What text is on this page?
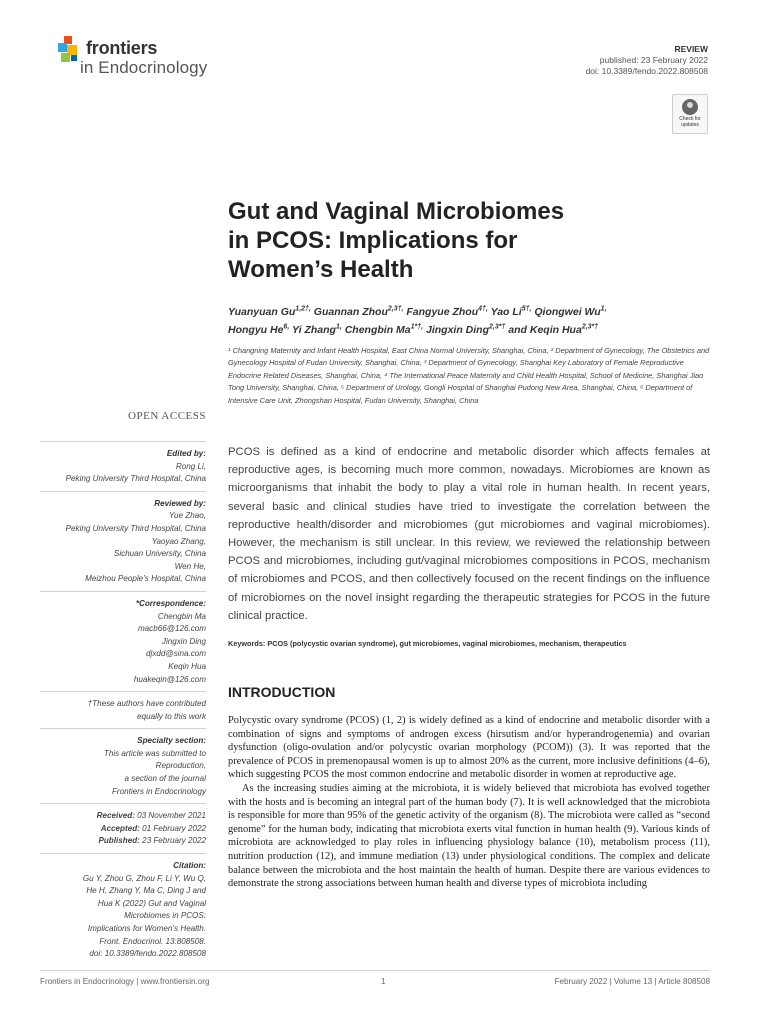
frontiers
in Endocrinology
REVIEW
published: 23 February 2022
doi: 10.3389/fendo.2022.808508
Check for updates
Gut and Vaginal Microbiomes
in PCOS: Implications for
Women’s Health
Yuanyuan $Gu^{1,2\dagger,}$ Guannan Zhou$^{2,3\dagger,}$ Fangyue Zhou$^{4\dagger,}$ Yao $Li^{5\dagger,}$ Qiongwei $Wu^{1,}$
Hongyu $He^{6,}$ Yi Zhang$^{1,}$ Chengbin $Ma^{1*\dagger,}$ Jingxin Ding$^{2,3*\dagger}$ and Keqin Hua$^{2,3*\dagger}$
¹ Changning Maternity and Infant Health Hospital, East China Normal University, Shanghai, China, ² Department of Gynecology, The Obstetrics and Gynecology Hospital of Fudan University, Shanghai, China, ³ Department of Gynecology, Shanghai Key Laboratory of Female Reproductive Endocrine Related Diseases, Shanghai, China, ⁴ The International Peace Maternity and Child Health Hospital, School of Medicine, Shanghai Jiao Tong University, Shanghai, China, ⁵ Department of Urology, Gongli Hospital of Shanghai Pudong New Area, Shanghai, China, ⁶ Department of Intensive Care Unit, Zhongshan Hospital, Fudan University, Shanghai, China
OPEN ACCESS
Edited by:
Rong Li,
Peking University Third Hospital, China
Reviewed by:
Yue Zhao,
Peking University Third Hospital, China
Yaoyao Zhang,
Sichuan University, China
Wen He,
Meizhou People’s Hospital, China
*Correspondence:
Chengbin Ma
macb66@126.com
Jingxin Ding
djxdd@sina.com
Keqin Hua
huakeqin@126.com
†These authors have contributed
equally to this work
Specialty section:
This article was submitted to
Reproduction,
a section of the journal
Frontiers in Endocrinology
Received: 03 November 2021
Accepted: 01 February 2022
Published: 23 February 2022
Citation:
Gu Y, Zhou G, Zhou F, Li Y, Wu Q,
He H, Zhang Y, Ma C, Ding J and
Hua K (2022) Gut and Vaginal
Microbiomes in PCOS:
Implications for Women’s Health.
Front. Endocrinol. 13:808508.
doi: 10.3389/fendo.2022.808508
PCOS is defined as a kind of endocrine and metabolic disorder which affects females at reproductive ages, is becoming much more common, nowadays. Microbiomes are known as microorganisms that inhabit the body to play a vital role in human health. In recent years, several basic and clinical studies have tried to investigate the correlation between the reproductive health/disorder and microbiomes (gut microbiomes and vaginal microbiomes). However, the mechanism is still unclear. In this review, we reviewed the relationship between PCOS and microbiomes, including gut/vaginal microbiomes compositions in PCOS, mechanism of microbiomes and PCOS, and then collectively focused on the recent findings on the influence of microbiomes on the novel insight regarding the therapeutic strategies for PCOS in the future clinical practice.
Keywords: PCOS (polycystic ovarian syndrome), gut microbiomes, vaginal microbiomes, mechanism, therapeutics
INTRODUCTION

Polycystic ovary syndrome (PCOS) (1, 2) is widely defined as a kind of endocrine and metabolic disorder with a combination of signs and symptoms of androgen excess (hirsutism and/or hyperandrogenemia) and ovarian dysfunction (oligo-ovulation and/or polycystic ovarian morphology (PCOM)) (3). It was reported that the prevalence of PCOS in premenopausal women is up to almost 20% as the current, more inclusive definitions (4–6), which suggesting PCOS the most common endocrine and metabolic disorder in women at reproductive age.

As the increasing studies aiming at the microbiota, it is widely believed that microbiota has evolved together with the hosts and is becoming an integral part of the human body (7). It is well acknowledged that the microbiota is responsible for more than 95% of the genetic activity of the organism (8). The microbiota were called as “second genome” for the human body, indicating that microbiota exerts vital function in human health (9). Various kinds of microbiota are acknowledged to play roles in influencing physiology balance (10), metabolism process (11), nutrition production (12), and immune mediation (13) under physiological conditions. The complex and delicate balance between the microbiota and the host maintain the health of human. Despite there are various evidences to demonstrate the strong associations between human health and diverse types of microbiota including

Frontiers in Endocrinology | www.frontiersin.org	1	February 2022 | Volume 13 | Article 808508
